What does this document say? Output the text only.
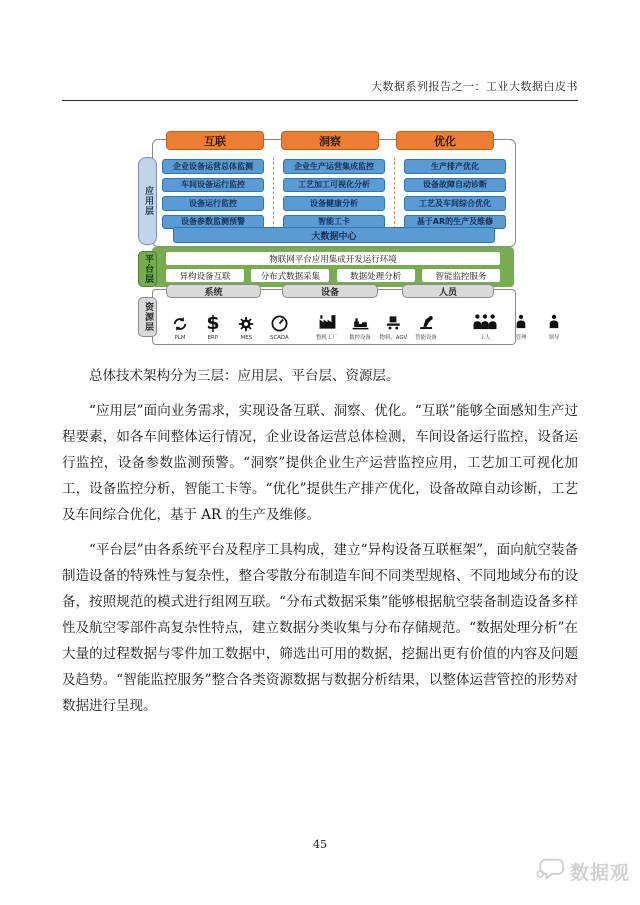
大数据系列报告之一：工业大数据白皮书
互联	洞察	优化
应用层
平台层
资源层
企业设备运营总体监测
车间设备运行监控
设备运行监控
设备参数监测预警
企业生产运营集成监控
工艺加工可视化分析
设备健康分析
智能工卡
生产排产优化
设备故障自动诊断
工艺及车间综合优化
基于AR的生产及维修
大数据中心
物联网平台应用集成开发运行环境
异构设备互联	分布式数据采集	数据处理分析	智能监控服务
系统	设备	人员
PLM
$
ERP	MES	SCADA	整机工厂 数控设备 物料、AGV 智能设备	工人	管理	领导

总体技术架构分为三层：应用层、平台层、资源层。

“应用层”面向业务需求，实现设备互联、洞察、优化。“互联”能够全面感知生产过程要素，如各车间整体运行情况，企业设备运营总体检测，车间设备运行监控，设备运行监控，设备参数监测预警。“洞察”提供企业生产运营监控应用，工艺加工可视化加工，设备监控分析，智能工卡等。“优化”提供生产排产优化，设备故障自动诊断，工艺及车间综合优化，基于 AR 的生产及维修。

“平台层”由各系统平台及程序工具构成，建立“异构设备互联框架”，面向航空装备制造设备的特殊性与复杂性，整合零散分布制造车间不同类型规格、不同地域分布的设备，按照规范的模式进行组网互联。“分布式数据采集”能够根据航空装备制造设备多样性及航空零部件高复杂性特点，建立数据分类收集与分布存储规范。“数据处理分析”在大量的过程数据与零件加工数据中，筛选出可用的数据，挖掘出更有价值的内容及问题及趋势。“智能监控服务”整合各类资源数据与数据分析结果，以整体运营管控的形势对数据进行呈现。

45
数据观
